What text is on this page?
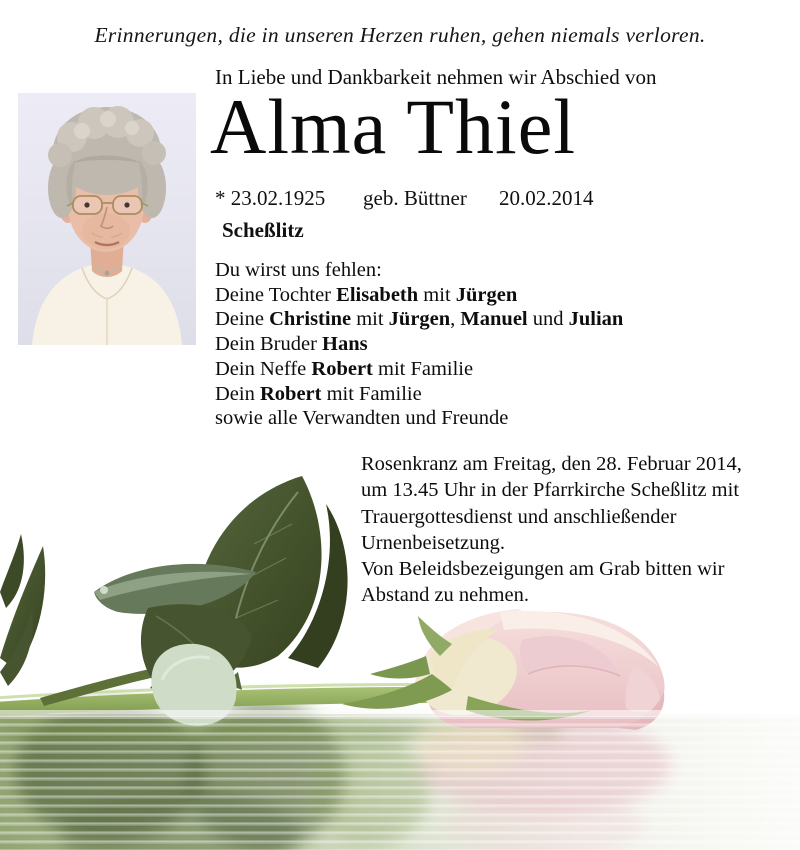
Erinnerungen, die in unseren Herzen ruhen, gehen niemals verloren.
In Liebe und Dankbarkeit nehmen wir Abschied von
Alma Thiel
* 23.02.1925 geb. Büttner 20.02.2014
Scheßlitz
Du wirst uns fehlen:
Deine Tochter Elisabeth mit Jürgen
Deine Christine mit Jürgen, Manuel und Julian
Dein Bruder Hans
Dein Neffe Robert mit Familie
Dein Robert mit Familie
sowie alle Verwandten und Freunde
Rosenkranz am Freitag, den 28. Februar 2014,
um 13.45 Uhr in der Pfarrkirche Scheßlitz mit
Trauergottesdienst und anschließender
Urnenbeisetzung.
Von Beleidsbezeigungen am Grab bitten wir
Abstand zu nehmen.
